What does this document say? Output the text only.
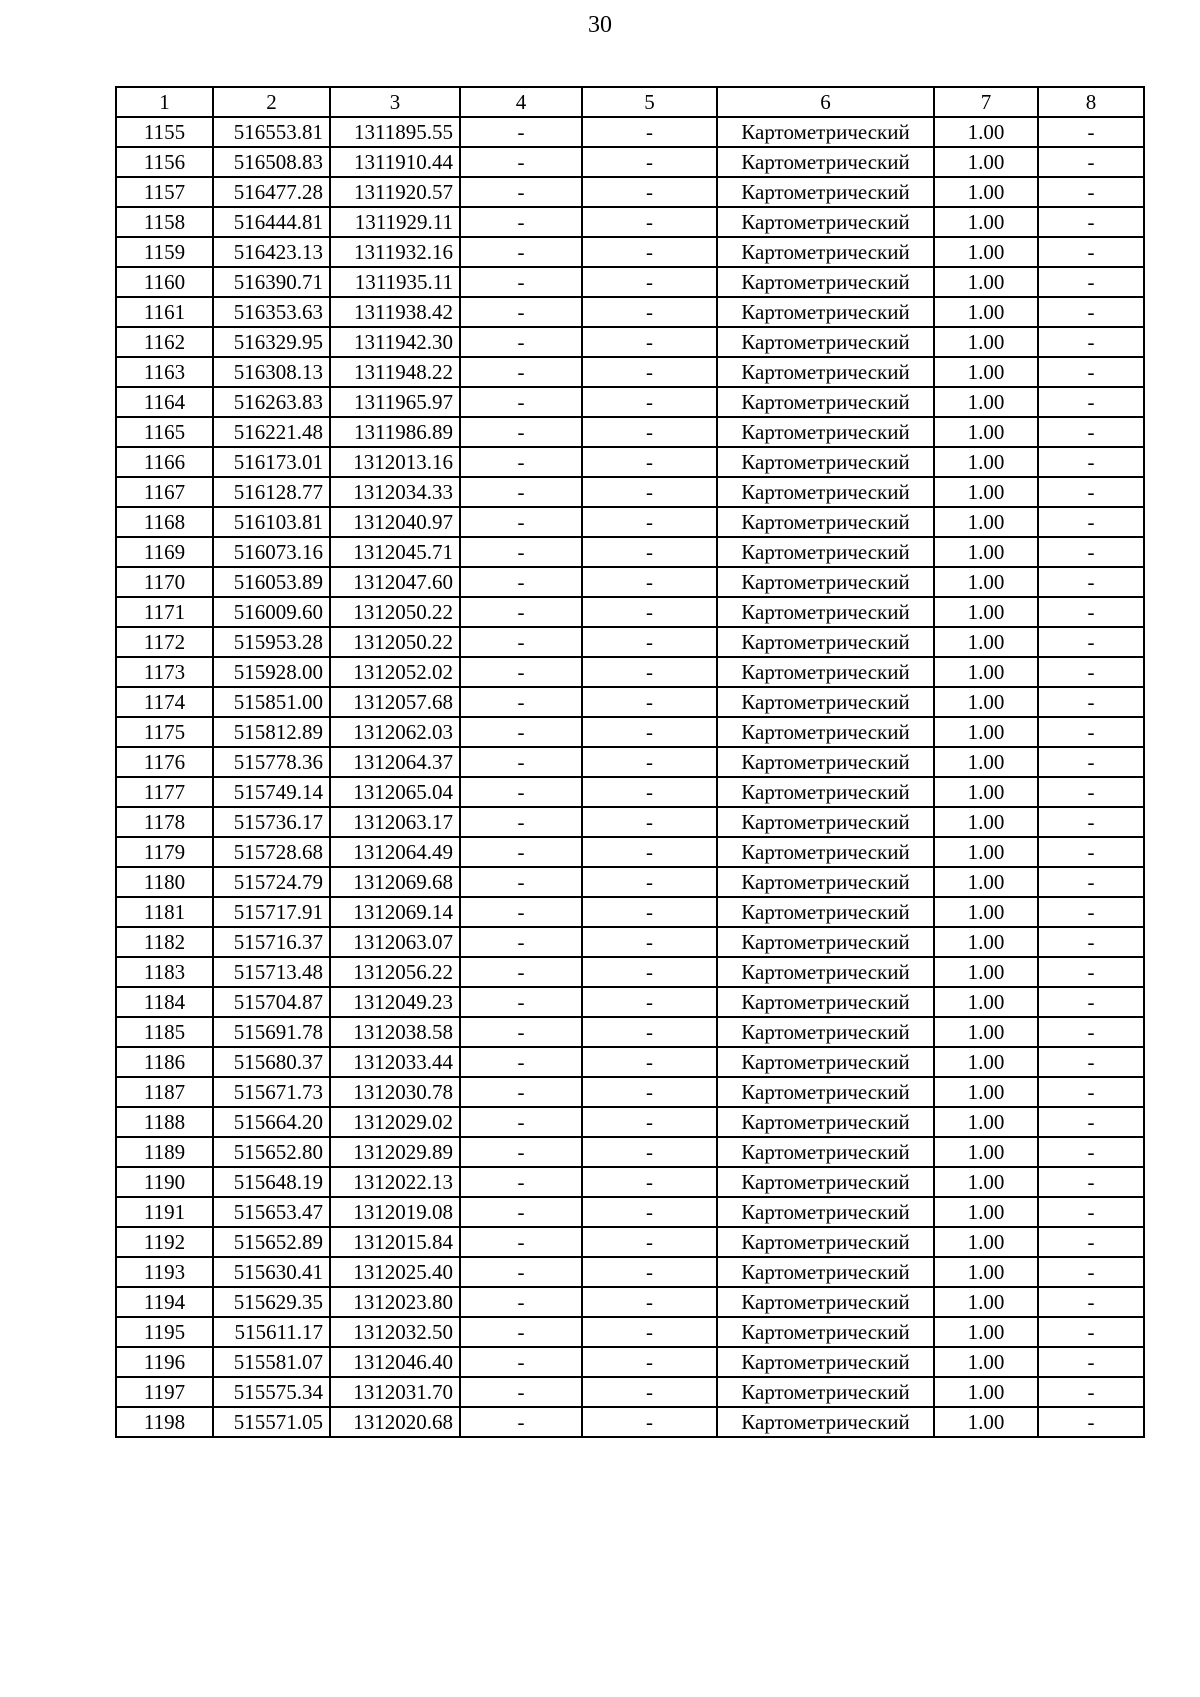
30
1	2	3	4	5	6	7	8
1155	516553.81	1311895.55	-	-	Картометрический	1.00	-
1156	516508.83	1311910.44	-	-	Картометрический	1.00	-
1157	516477.28	1311920.57	-	-	Картометрический	1.00	-
1158	516444.81	1311929.11	-	-	Картометрический	1.00	-
1159	516423.13	1311932.16	-	-	Картометрический	1.00	-
1160	516390.71	1311935.11	-	-	Картометрический	1.00	-
1161	516353.63	1311938.42	-	-	Картометрический	1.00	-
1162	516329.95	1311942.30	-	-	Картометрический	1.00	-
1163	516308.13	1311948.22	-	-	Картометрический	1.00	-
1164	516263.83	1311965.97	-	-	Картометрический	1.00	-
1165	516221.48	1311986.89	-	-	Картометрический	1.00	-
1166	516173.01	1312013.16	-	-	Картометрический	1.00	-
1167	516128.77	1312034.33	-	-	Картометрический	1.00	-
1168	516103.81	1312040.97	-	-	Картометрический	1.00	-
1169	516073.16	1312045.71	-	-	Картометрический	1.00	-
1170	516053.89	1312047.60	-	-	Картометрический	1.00	-
1171	516009.60	1312050.22	-	-	Картометрический	1.00	-
1172	515953.28	1312050.22	-	-	Картометрический	1.00	-
1173	515928.00	1312052.02	-	-	Картометрический	1.00	-
1174	515851.00	1312057.68	-	-	Картометрический	1.00	-
1175	515812.89	1312062.03	-	-	Картометрический	1.00	-
1176	515778.36	1312064.37	-	-	Картометрический	1.00	-
1177	515749.14	1312065.04	-	-	Картометрический	1.00	-
1178	515736.17	1312063.17	-	-	Картометрический	1.00	-
1179	515728.68	1312064.49	-	-	Картометрический	1.00	-
1180	515724.79	1312069.68	-	-	Картометрический	1.00	-
1181	515717.91	1312069.14	-	-	Картометрический	1.00	-
1182	515716.37	1312063.07	-	-	Картометрический	1.00	-
1183	515713.48	1312056.22	-	-	Картометрический	1.00	-
1184	515704.87	1312049.23	-	-	Картометрический	1.00	-
1185	515691.78	1312038.58	-	-	Картометрический	1.00	-
1186	515680.37	1312033.44	-	-	Картометрический	1.00	-
1187	515671.73	1312030.78	-	-	Картометрический	1.00	-
1188	515664.20	1312029.02	-	-	Картометрический	1.00	-
1189	515652.80	1312029.89	-	-	Картометрический	1.00	-
1190	515648.19	1312022.13	-	-	Картометрический	1.00	-
1191	515653.47	1312019.08	-	-	Картометрический	1.00	-
1192	515652.89	1312015.84	-	-	Картометрический	1.00	-
1193	515630.41	1312025.40	-	-	Картометрический	1.00	-
1194	515629.35	1312023.80	-	-	Картометрический	1.00	-
1195	515611.17	1312032.50	-	-	Картометрический	1.00	-
1196	515581.07	1312046.40	-	-	Картометрический	1.00	-
1197	515575.34	1312031.70	-	-	Картометрический	1.00	-
1198	515571.05	1312020.68	-	-	Картометрический	1.00	-
